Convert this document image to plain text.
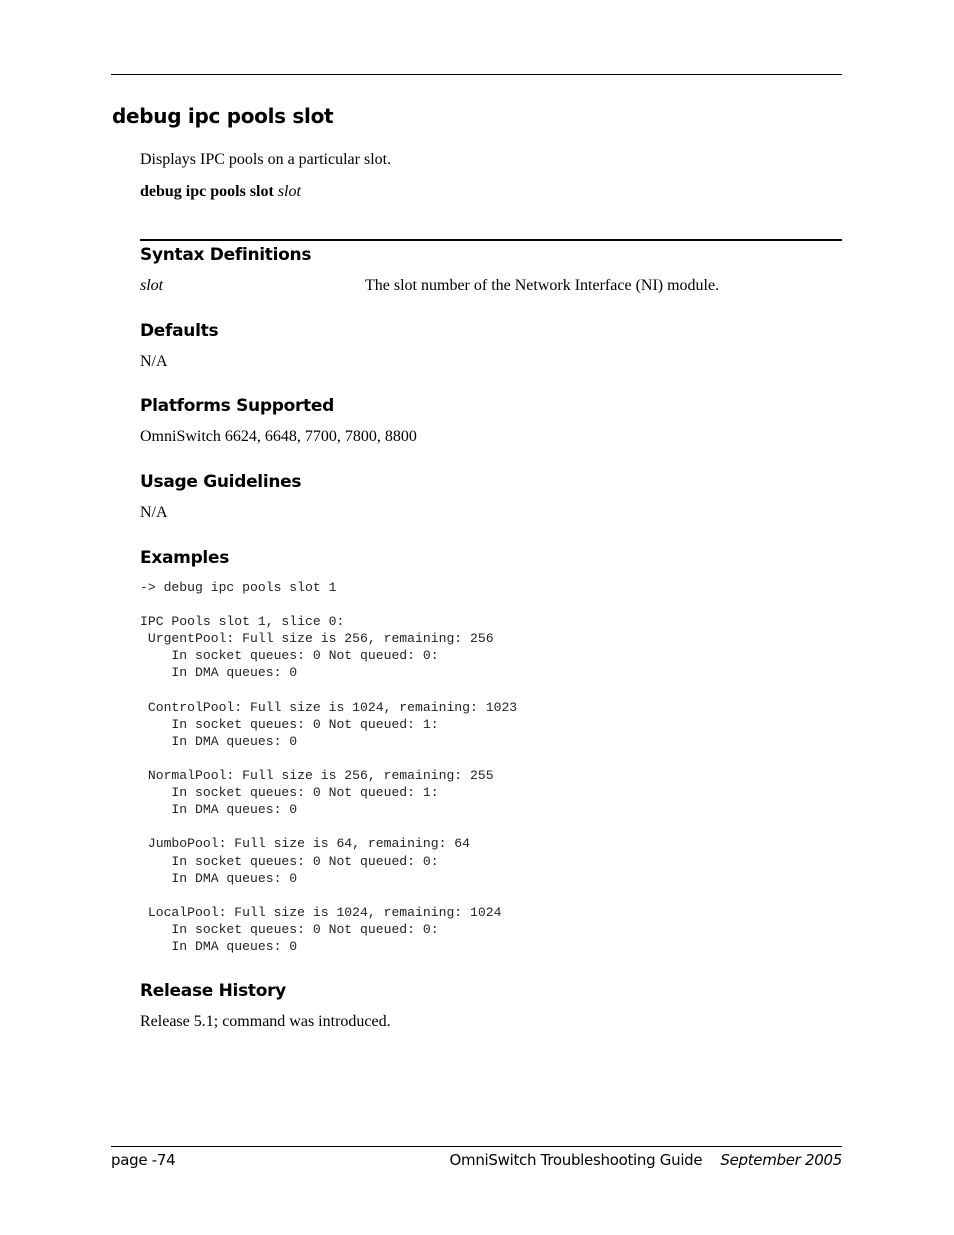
debug ipc pools slot
Displays IPC pools on a particular slot.
debug ipc pools slot slot
Syntax Definitions
slot	The slot number of the Network Interface (NI) module.
Defaults
N/A
Platforms Supported
OmniSwitch 6624, 6648, 7700, 7800, 8800
Usage Guidelines
N/A
Examples
-> debug ipc pools slot 1

IPC Pools slot 1, slice 0:
UrgentPool: Full size is 256, remaining: 256
In socket queues: 0 Not queued: 0:
In DMA queues: 0

ControlPool: Full size is 1024, remaining: 1023
In socket queues: 0 Not queued: 1:
In DMA queues: 0

NormalPool: Full size is 256, remaining: 255
In socket queues: 0 Not queued: 1:
In DMA queues: 0

JumboPool: Full size is 64, remaining: 64
In socket queues: 0 Not queued: 0:
In DMA queues: 0

LocalPool: Full size is 1024, remaining: 1024
In socket queues: 0 Not queued: 0:
In DMA queues: 0
Release History
Release 5.1; command was introduced.
page -74	OmniSwitch Troubleshooting Guide September 2005
